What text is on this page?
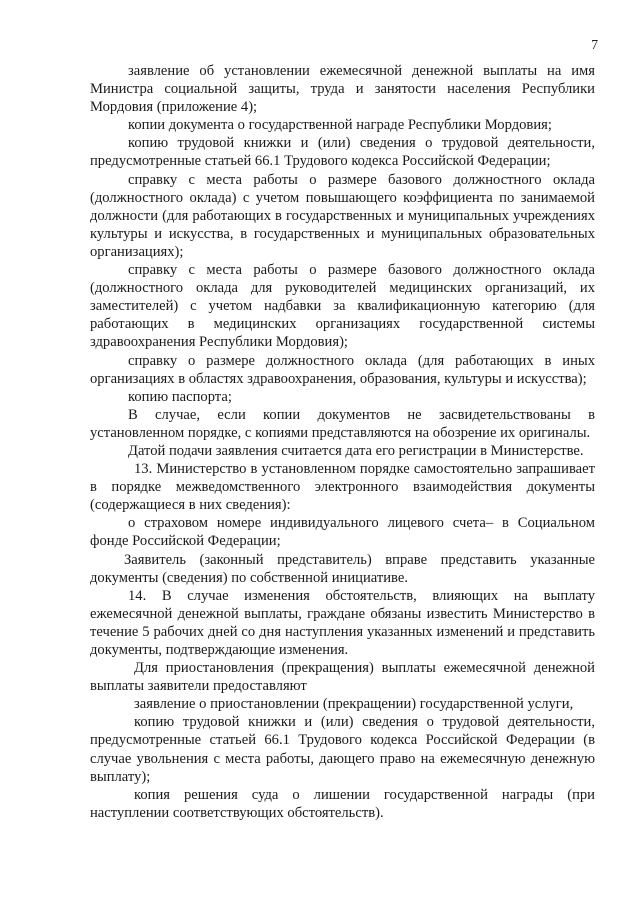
7

заявление об установлении ежемесячной денежной выплаты на имя Министра социальной защиты, труда и занятости населения Республики Мордовия (приложение 4);

копии документа о государственной награде Республики Мордовия;

копию трудовой книжки и (или) сведения о трудовой деятельности, предусмотренные статьей 66.1 Трудового кодекса Российской Федерации;

справку с места работы о размере базового должностного оклада (должностного оклада) с учетом повышающего коэффициента по занимаемой должности (для работающих в государственных и муниципальных учреждениях культуры и искусства, в государственных и муниципальных образовательных организациях);

справку с места работы о размере базового должностного оклада (должностного оклада для руководителей медицинских организаций, их заместителей) с учетом надбавки за квалификационную категорию (для работающих в медицинских организациях государственной системы здравоохранения Республики Мордовия);

справку о размере должностного оклада (для работающих в иных организациях в областях здравоохранения, образования, культуры и искусства);

копию паспорта;

В случае, если копии документов не засвидетельствованы в установленном порядке, с копиями представляются на обозрение их оригиналы.

Датой подачи заявления считается дата его регистрации в Министерстве.

13. Министерство в установленном порядке самостоятельно запрашивает в порядке межведомственного электронного взаимодействия документы (содержащиеся в них сведения):

о страховом номере индивидуального лицевого счета– в Социальном фонде Российской Федерации;

Заявитель (законный представитель) вправе представить указанные документы (сведения) по собственной инициативе.

14. В случае изменения обстоятельств, влияющих на выплату ежемесячной денежной выплаты, граждане обязаны известить Министерство в течение 5 рабочих дней со дня наступления указанных изменений и представить документы, подтверждающие изменения.

Для приостановления (прекращения) выплаты ежемесячной денежной выплаты заявители предоставляют

заявление о приостановлении (прекращении) государственной услуги,

копию трудовой книжки и (или) сведения о трудовой деятельности, предусмотренные статьей 66.1 Трудового кодекса Российской Федерации (в случае увольнения с места работы, дающего право на ежемесячную денежную выплату);

копия решения суда о лишении государственной награды (при наступлении соответствующих обстоятельств).
